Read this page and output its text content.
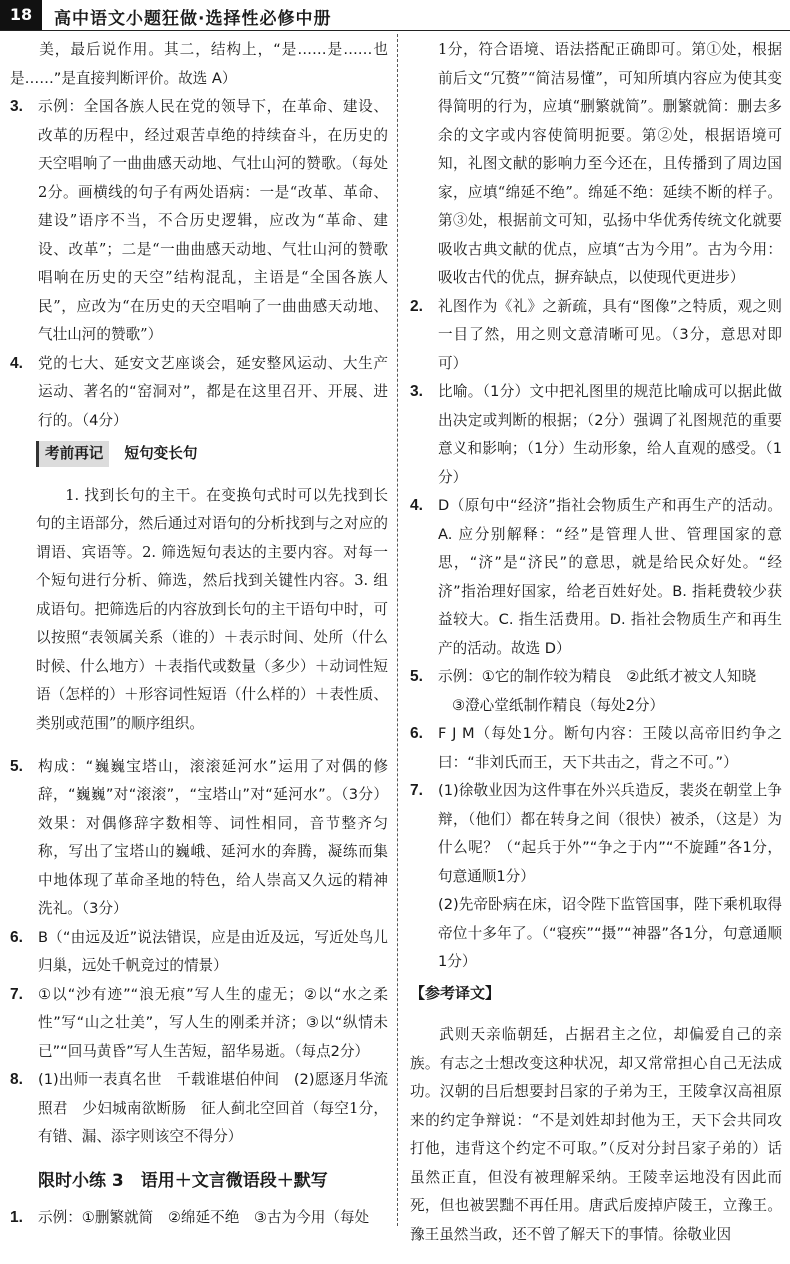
18	高中语文小题狂做·选择性必修中册

美，最后说作用。其二，结构上，“是……是……也是……”是直接判断评价。故选 A）

3. 示例：全国各族人民在党的领导下，在革命、建设、改革的历程中，经过艰苦卓绝的持续奋斗，在历史的天空唱响了一曲曲感天动地、气壮山河的赞歌。（每处2分。画横线的句子有两处语病：一是“改革、革命、建设”语序不当，不合历史逻辑，应改为“革命、建设、改革”；二是“一曲曲感天动地、气壮山河的赞歌唱响在历史的天空”结构混乱，主语是“全国各族人民”，应改为“在历史的天空唱响了一曲曲感天动地、气壮山河的赞歌”）
4. 党的七大、延安文艺座谈会，延安整风运动、大生产运动、著名的“窑洞对”，都是在这里召开、开展、进行的。（4分）
考前再记 短句变长句

1. 找到长句的主干。在变换句式时可以先找到长句的主语部分，然后通过对语句的分析找到与之对应的谓语、宾语等。2. 筛选短句表达的主要内容。对每一个短句进行分析、筛选，然后找到关键性内容。3. 组成语句。把筛选后的内容放到长句的主干语句中时，可以按照“表领属关系（谁的）＋表示时间、处所（什么时候、什么地方）＋表指代或数量（多少）＋动词性短语（怎样的）＋形容词性短语（什么样的）＋表性质、类别或范围”的顺序组织。

5. 构成：“巍巍宝塔山，滚滚延河水”运用了对偶的修辞，“巍巍”对“滚滚”，“宝塔山”对“延河水”。（3分）效果：对偶修辞字数相等、词性相同，音节整齐匀称，写出了宝塔山的巍峨、延河水的奔腾，凝练而集中地体现了革命圣地的特色，给人崇高又久远的精神洗礼。（3分）
6. B（“由远及近”说法错误，应是由近及远，写近处鸟儿归巢，远处千帆竞过的情景）
7. ①以“沙有迹”“浪无痕”写人生的虚无；②以“水之柔性”写“山之壮美”，写人生的刚柔并济；③以“纵情未已”“回马黄昏”写人生苦短，韶华易逝。（每点2分）
8. (1)出师一表真名世　千载谁堪伯仲间　(2)愿逐月华流照君　少妇城南欲断肠　征人蓟北空回首（每空1分，有错、漏、添字则该空不得分）
限时小练 3　语用＋文言微语段＋默写
1. 示例：①删繁就简　②绵延不绝　③古为今用（每处

1分，符合语境、语法搭配正确即可。第①处，根据前后文“冗赘”“简洁易懂”，可知所填内容应为使其变得简明的行为，应填“删繁就简”。删繁就简：删去多余的文字或内容使简明扼要。第②处，根据语境可知，礼图文献的影响力至今还在，且传播到了周边国家，应填“绵延不绝”。绵延不绝：延续不断的样子。第③处，根据前文可知，弘扬中华优秀传统文化就要吸收古典文献的优点，应填“古为今用”。古为今用：吸收古代的优点，摒弃缺点，以使现代更进步）

2. 礼图作为《礼》之新疏，具有“图像”之特质，观之则一目了然，用之则文意清晰可见。（3分，意思对即可）
3. 比喻。（1分）文中把礼图里的规范比喻成可以据此做出决定或判断的根据；（2分）强调了礼图规范的重要意义和影响；（1分）生动形象，给人直观的感受。（1分）
4. D（原句中“经济”指社会物质生产和再生产的活动。A. 应分别解释：“经”是管理人世、管理国家的意思，“济”是“济民”的意思，就是给民众好处。“经济”指治理好国家，给老百姓好处。B. 指耗费较少获益较大。C. 指生活费用。D. 指社会物质生产和再生产的活动。故选 D）
5. 示例：①它的制作较为精良　②此纸才被文人知晓
③澄心堂纸制作精良（每处2分）
6. F J M（每处1分。断句内容：王陵以高帝旧约争之曰：“非刘氏而王，天下共击之，背之不可。”）
7. (1)徐敬业因为这件事在外兴兵造反，裴炎在朝堂上争辩，（他们）都在转身之间（很快）被杀，（这是）为什么呢？（“起兵于外”“争之于内”“不旋踵”各1分，句意通顺1分）
(2)先帝卧病在床，诏令陛下监管国事，陛下乘机取得帝位十多年了。（“寝疾”“摄”“神器”各1分，句意通顺1分）
【参考译文】

武则天亲临朝廷，占据君主之位，却偏爱自己的亲族。有志之士想改变这种状况，却又常常担心自己无法成功。汉朝的吕后想要封吕家的子弟为王，王陵拿汉高祖原来的约定争辩说：“不是刘姓却封他为王，天下会共同攻打他，违背这个约定不可取。”（反对分封吕家子弟的）话虽然正直，但没有被理解采纳。王陵幸运地没有因此而死，但也被罢黜不再任用。唐武后废掉庐陵王，立豫王。豫王虽然当政，还不曾了解天下的事情。徐敬业因
